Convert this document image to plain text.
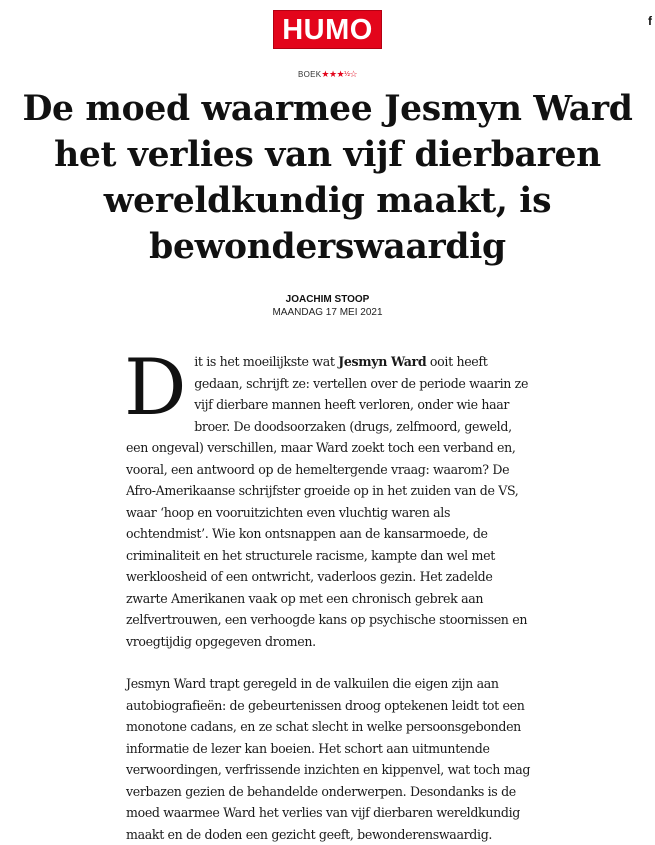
HUMO	f
BOEK★★★½☆
De moed waarmee Jesmyn Ward het verlies van vijf dierbaren wereldkundig maakt, is bewonderswaardig
JOACHIM STOOP
MAANDAG 17 MEI 2021

Dit is het moeilijkste wat Jesmyn Ward ooit heeft gedaan, schrijft ze: vertellen over de periode waarin ze vijf dierbare mannen heeft verloren, onder wie haar broer. De doodsoorzaken (drugs, zelfmoord, geweld, een ongeval) verschillen, maar Ward zoekt toch een verband en, vooral, een antwoord op de hemeltergende vraag: waarom? De Afro-Amerikaanse schrijfster groeide op in het zuiden van de VS, waar ‘hoop en vooruitzichten even vluchtig waren als ochtendmist’. Wie kon ontsnappen aan de kansarmoede, de criminaliteit en het structurele racisme, kampte dan wel met werkloosheid of een ontwricht, vaderloos gezin. Het zadelde zwarte Amerikanen vaak op met een chronisch gebrek aan zelfvertrouwen, een verhoogde kans op psychische stoornissen en vroegtijdig opgegeven dromen.

Jesmyn Ward trapt geregeld in de valkuilen die eigen zijn aan autobiografieën: de gebeurtenissen droog optekenen leidt tot een monotone cadans, en ze schat slecht in welke persoonsgebonden informatie de lezer kan boeien. Het schort aan uitmuntende verwoordingen, verfrissende inzichten en kippenvel, wat toch mag verbazen gezien de behandelde onderwerpen. Desondanks is de moed waarmee Ward het verlies van vijf dierbaren wereldkundig maakt en de doden een gezicht geeft, bewonderenswaardig.
